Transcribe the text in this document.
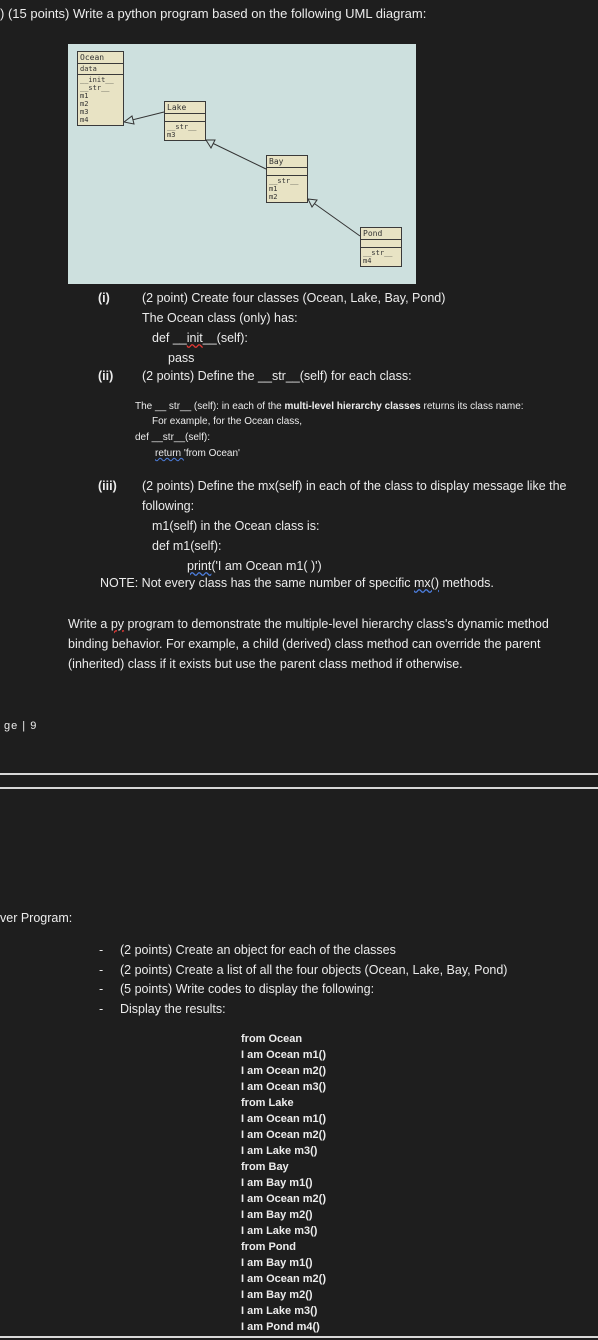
) (15 points) Write a python program based on the following UML diagram:
Ocean
data
__init__
__str__
m1
m2
m3
m4
Lake
__str__
m3
Bay
__str__
m1
m2
Pond
__str__
m4
(i)	(2 point) Create four classes (Ocean, Lake, Bay, Pond)
The Ocean class (only) has:
def __init__(self):
pass
(ii) (2 points) Define the __str__(self) for each class:
The __ str__ (self): in each of the multi-level hierarchy classes returns its class name:
For example, for the Ocean class,
def __str__(self):
return 'from Ocean'
(iii) (2 points) Define the mx(self) in each of the class to display message like the
following:
m1(self) in the Ocean class is:
def m1(self):
print('I am Ocean m1( )')
NOTE: Not every class has the same number of specific mx() methods.
Write a py program to demonstrate the multiple-level hierarchy class's dynamic method
binding behavior. For example, a child (derived) class method can override the parent
(inherited) class if it exists but use the parent class method if otherwise.
ge | 9
ver Program:
- (2 points) Create an object for each of the classes
- (2 points) Create a list of all the four objects (Ocean, Lake, Bay, Pond)
- (5 points) Write codes to display the following:
- Display the results:
from Ocean
I am Ocean m1()
I am Ocean m2()
I am Ocean m3()
from Lake
I am Ocean m1()
I am Ocean m2()
I am Lake m3()
from Bay
I am Bay m1()
I am Ocean m2()
I am Bay m2()
I am Lake m3()
from Pond
I am Bay m1()
I am Ocean m2()
I am Bay m2()
I am Lake m3()
I am Pond m4()
